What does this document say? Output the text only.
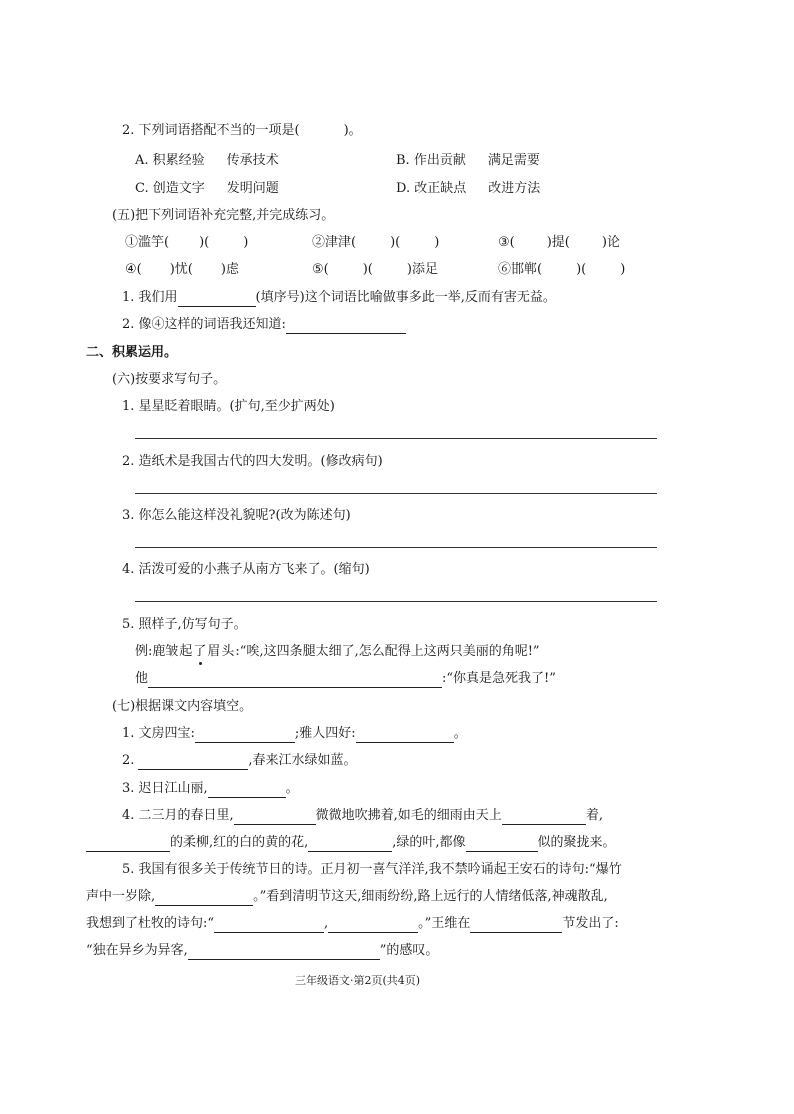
2. 下列词语搭配不当的一项是(	)。
A. 积累经验 传承技术	B. 作出贡献 满足需要
C. 创造文字 发明问题	D. 改正缺点 改进方法
(五)把下列词语补充完整,并完成练习。
①滥竽( )(	)	②津津(	)(	)	③( )提( )论
④( )忧( )虑	⑤(	)(	)添足	⑥邯郸(	)(	)
1. 我们用	(填序号)这个词语比喻做事多此一举,反而有害无益。
2. 像④这样的词语我还知道:
二、积累运用。
(六)按要求写句子。
1. 星星眨着眼睛。(扩句,至少扩两处)
2. 造纸术是我国古代的四大发明。(修改病句)
3. 你怎么能这样没礼貌呢?(改为陈述句)
4. 活泼可爱的小燕子从南方飞来了。(缩句)
5. 照样子,仿写句子。
例:鹿皱起了眉头:“唉,这四条腿太细了,怎么配得上这两只美丽的角呢!”
他	:“你真是急死我了!”
(七)根据课文内容填空。
1. 文房四宝:	;雅人四好:	。
2.	,春来江水绿如蓝。
3. 迟日江山丽,	。
4. 二三月的春日里,	微微地吹拂着,如毛的细雨由天上	着,
的柔柳,红的白的黄的花,	,绿的叶,都像	似的聚拢来。
5. 我国有很多关于传统节日的诗。正月初一喜气洋洋,我不禁吟诵起王安石的诗句:“爆竹
声中一岁除,	。”看到清明节这天,细雨纷纷,路上远行的人情绪低落,神魂散乱,
我想到了杜牧的诗句:“	,	。”王维在	节发出了:
“独在异乡为异客,	”的感叹。
三年级语文·第2页(共4页)
